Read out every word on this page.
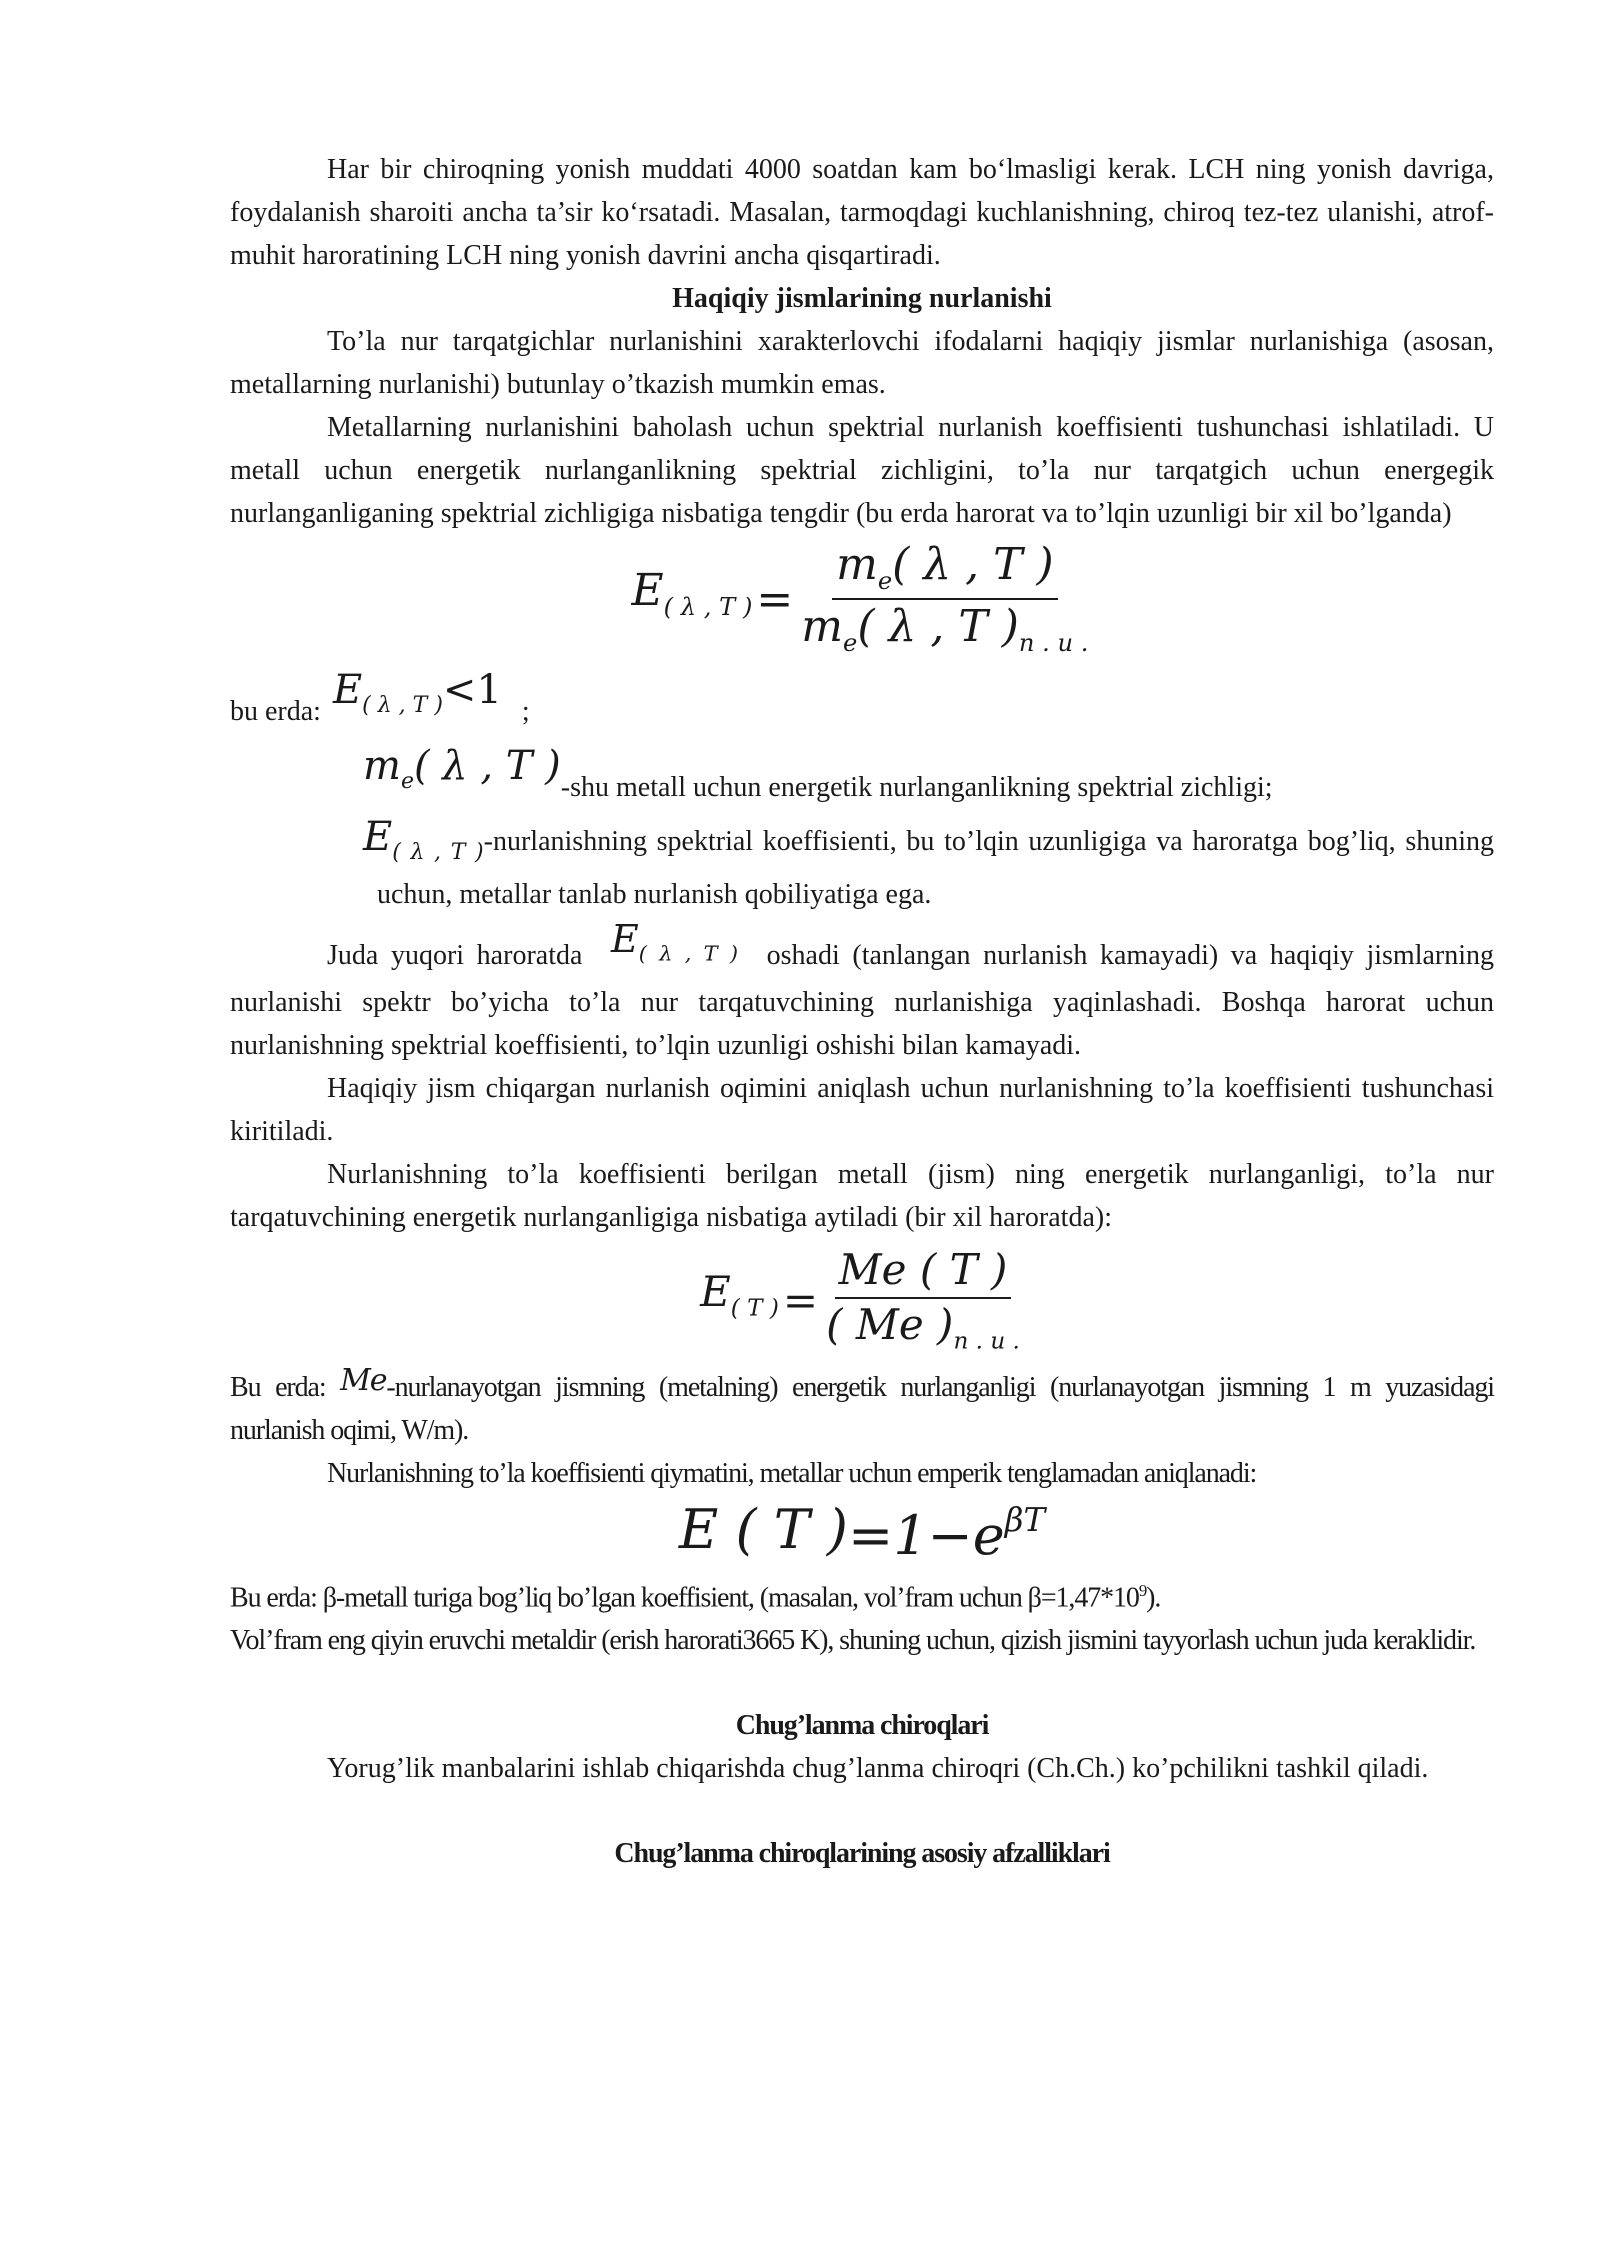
Har bir chiroqning yonish muddati 4000 soatdan kam bo‘lmasligi kerak. LCH ning yonish davriga, foydalanish sharoiti ancha ta’sir ko‘rsatadi. Masalan, tarmoqdagi kuchlanishning, chiroq tez-tez ulanishi, atrof-muhit haroratining LCH ning yonish davrini ancha qisqartiradi.

Haqiqiy jismlarining nurlanishi

To’la nur tarqatgichlar nurlanishini xarakterlovchi ifodalarni haqiqiy jismlar nurlanishiga (asosan, metallarning nurlanishi) butunlay o’tkazish mumkin emas.

Metallarning nurlanishini baholash uchun spektrial nurlanish koeffisienti tushunchasi ishlatiladi. U metall uchun energetik nurlanganlikning spektrial zichligini, to’la nur tarqatgich uchun energegik nurlanganliganing spektrial zichligiga nisbatiga tengdir (bu erda harorat va to’lqin uzunligi bir xil bo’lganda)

$E_{( \lambda , T )} = \frac{m_e( \lambda , T )}{m_e( \lambda , T )_{n . u .}}$
bu erda: $E_{( \lambda , T )}<1$ ;
$m_e$( λ , T ) -shu metall uchun energetik nurlanganlikning spektrial zichligi;

$E_{( \lambda , T )}$-nurlanishning spektrial koeffisienti, bu to’lqin uzunligiga va haroratga bog’liq, shuning uchun, metallar tanlab nurlanish qobiliyatiga ega.

Juda yuqori haroratda $E_{( \lambda , T )}$ oshadi (tanlangan nurlanish kamayadi) va haqiqiy jismlarning nurlanishi spektr bo’yicha to’la nur tarqatuvchining nurlanishiga yaqinlashadi. Boshqa harorat uchun nurlanishning spektrial koeffisienti, to’lqin uzunligi oshishi bilan kamayadi.

Haqiqiy jism chiqargan nurlanish oqimini aniqlash uchun nurlanishning to’la koeffisienti tushunchasi kiritiladi.

Nurlanishning to’la koeffisienti berilgan metall (jism) ning energetik nurlanganligi, to’la nur tarqatuvchining energetik nurlanganligiga nisbatiga aytiladi (bir xil haroratda):

$E_{( T )} = \frac{Me ( T )}{( Me )_{n . u .}}$

Bu erda: Me-nurlanayotgan jismning (metalning) energetik nurlanganligi (nurlanayotgan jismning 1 m yuzasidagi nurlanish oqimi, W/m).

Nurlanishning to’la koeffisienti qiymatini, metallar uchun emperik tenglamadan aniqlanadi:

E ( T ) $=1-e^{\beta T}$

Bu erda: β-metall turiga bog’liq bo’lgan koeffisient, (masalan, vol’fram uchun $\beta=1,47*10^9$).

Vol’fram eng qiyin eruvchi metaldir (erish harorati3665 K), shuning uchun, qizish jismini tayyorlash uchun juda keraklidir.

Chug’lanma chiroqlari

Yorug’lik manbalarini ishlab chiqarishda chug’lanma chiroqri (Ch.Ch.) ko’pchilikni tashkil qiladi.

Chug’lanma chiroqlarining asosiy afzalliklari
